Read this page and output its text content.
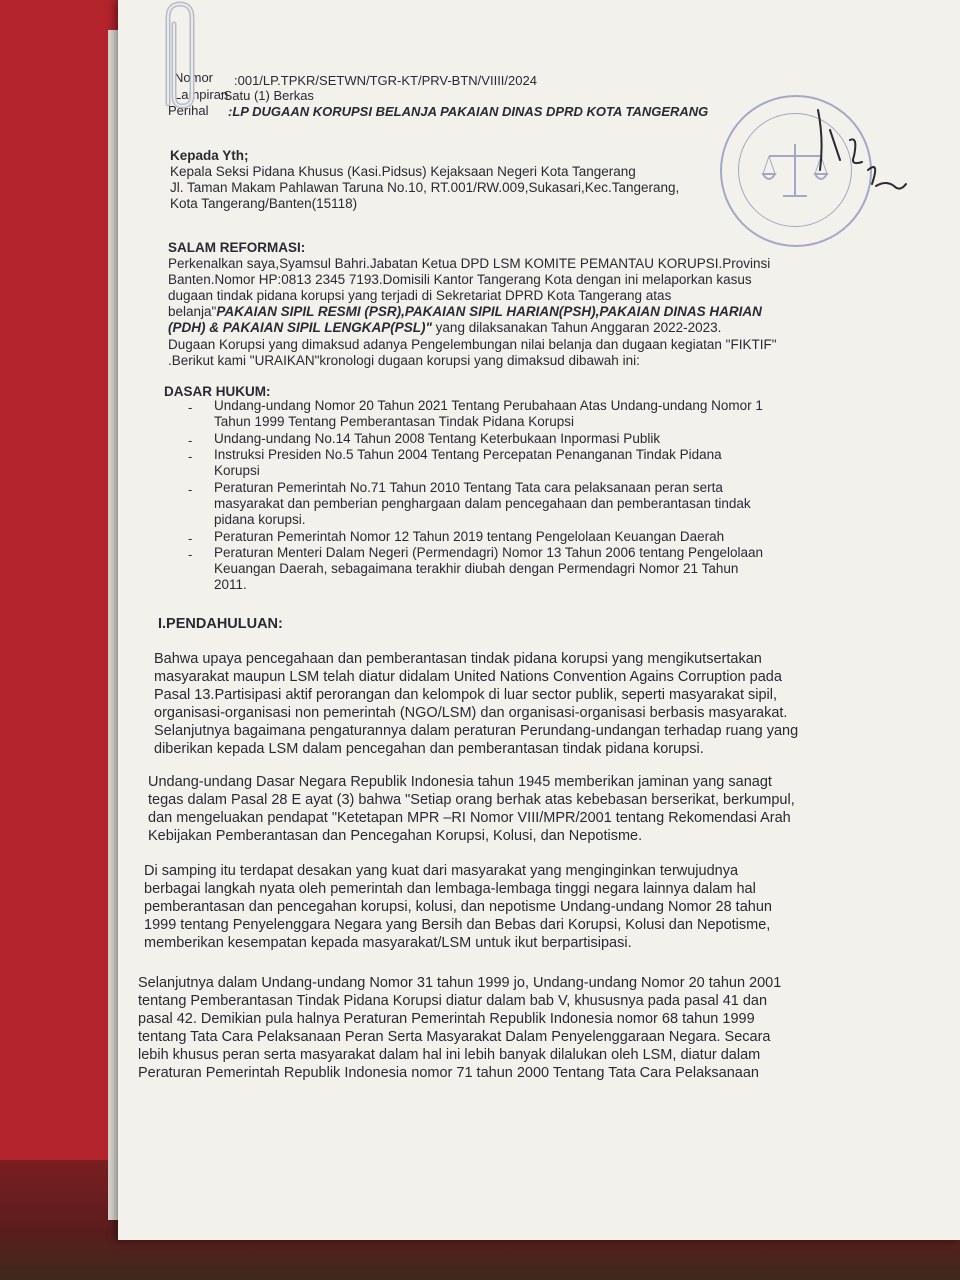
Nomor :001/LP.TPKR/SETWN/TGR-KT/PRV-BTN/VIIII/2024
Lampiran
:Satu (1) Berkas
Perihal :LP DUGAAN KORUPSI BELANJA PAKAIAN DINAS DPRD KOTA TANGERANG
Kepada Yth;
Kepala Seksi Pidana Khusus (Kasi.Pidsus) Kejaksaan Negeri Kota Tangerang
Jl. Taman Makam Pahlawan Taruna No.10, RT.001/RW.009,Sukasari,Kec.Tangerang,
Kota Tangerang/Banten(15118)
SALAM REFORMASI:
Perkenalkan saya,Syamsul Bahri.Jabatan Ketua DPD LSM KOMITE PEMANTAU KORUPSI.Provinsi
Banten.Nomor HP:0813 2345 7193.Domisili Kantor Tangerang Kota dengan ini melaporkan kasus
dugaan tindak pidana korupsi yang terjadi di Sekretariat DPRD Kota Tangerang atas
belanja"PAKAIAN SIPIL RESMI (PSR),PAKAIAN SIPIL HARIAN(PSH),PAKAIAN DINAS HARIAN
(PDH) & PAKAIAN SIPIL LENGKAP(PSL)" yang dilaksanakan Tahun Anggaran 2022-2023.
Dugaan Korupsi yang dimaksud adanya Pengelembungan nilai belanja dan dugaan kegiatan "FIKTIF"
.Berikut kami "URAIKAN"kronologi dugaan korupsi yang dimaksud dibawah ini:
DASAR HUKUM:
- Undang-undang Nomor 20 Tahun 2021 Tentang Perubahaan Atas Undang-undang Nomor 1
Tahun 1999 Tentang Pemberantasan Tindak Pidana Korupsi
- Undang-undang No.14 Tahun 2008 Tentang Keterbukaan Inpormasi Publik
- Instruksi Presiden No.5 Tahun 2004 Tentang Percepatan Penanganan Tindak Pidana
Korupsi
- Peraturan Pemerintah No.71 Tahun 2010 Tentang Tata cara pelaksanaan peran serta
masyarakat dan pemberian penghargaan dalam pencegahaan dan pemberantasan tindak
pidana korupsi.
- Peraturan Pemerintah Nomor 12 Tahun 2019 tentang Pengelolaan Keuangan Daerah
- Peraturan Menteri Dalam Negeri (Permendagri) Nomor 13 Tahun 2006 tentang Pengelolaan
Keuangan Daerah, sebagaimana terakhir diubah dengan Permendagri Nomor 21 Tahun
2011.
I.PENDAHULUAN:
Bahwa upaya pencegahaan dan pemberantasan tindak pidana korupsi yang mengikutsertakan
masyarakat maupun LSM telah diatur didalam United Nations Convention Agains Corruption pada
Pasal 13.Partisipasi aktif perorangan dan kelompok di luar sector publik, seperti masyarakat sipil,
organisasi-organisasi non pemerintah (NGO/LSM) dan organisasi-organisasi berbasis masyarakat.
Selanjutnya bagaimana pengaturannya dalam peraturan Perundang-undangan terhadap ruang yang
diberikan kepada LSM dalam pencegahan dan pemberantasan tindak pidana korupsi.
Undang-undang Dasar Negara Republik Indonesia tahun 1945 memberikan jaminan yang sanagt
tegas dalam Pasal 28 E ayat (3) bahwa "Setiap orang berhak atas kebebasan berserikat, berkumpul,
dan mengeluakan pendapat "Ketetapan MPR –RI Nomor VIII/MPR/2001 tentang Rekomendasi Arah
Kebijakan Pemberantasan dan Pencegahan Korupsi, Kolusi, dan Nepotisme.
Di samping itu terdapat desakan yang kuat dari masyarakat yang menginginkan terwujudnya
berbagai langkah nyata oleh pemerintah dan lembaga-lembaga tinggi negara lainnya dalam hal
pemberantasan dan pencegahan korupsi, kolusi, dan nepotisme Undang-undang Nomor 28 tahun
1999 tentang Penyelenggara Negara yang Bersih dan Bebas dari Korupsi, Kolusi dan Nepotisme,
memberikan kesempatan kepada masyarakat/LSM untuk ikut berpartisipasi.
Selanjutnya dalam Undang-undang Nomor 31 tahun 1999 jo, Undang-undang Nomor 20 tahun 2001
tentang Pemberantasan Tindak Pidana Korupsi diatur dalam bab V, khususnya pada pasal 41 dan
pasal 42. Demikian pula halnya Peraturan Pemerintah Republik Indonesia nomor 68 tahun 1999
tentang Tata Cara Pelaksanaan Peran Serta Masyarakat Dalam Penyelenggaraan Negara. Secara
lebih khusus peran serta masyarakat dalam hal ini lebih banyak dilalukan oleh LSM, diatur dalam
Peraturan Pemerintah Republik Indonesia nomor 71 tahun 2000 Tentang Tata Cara Pelaksanaan
